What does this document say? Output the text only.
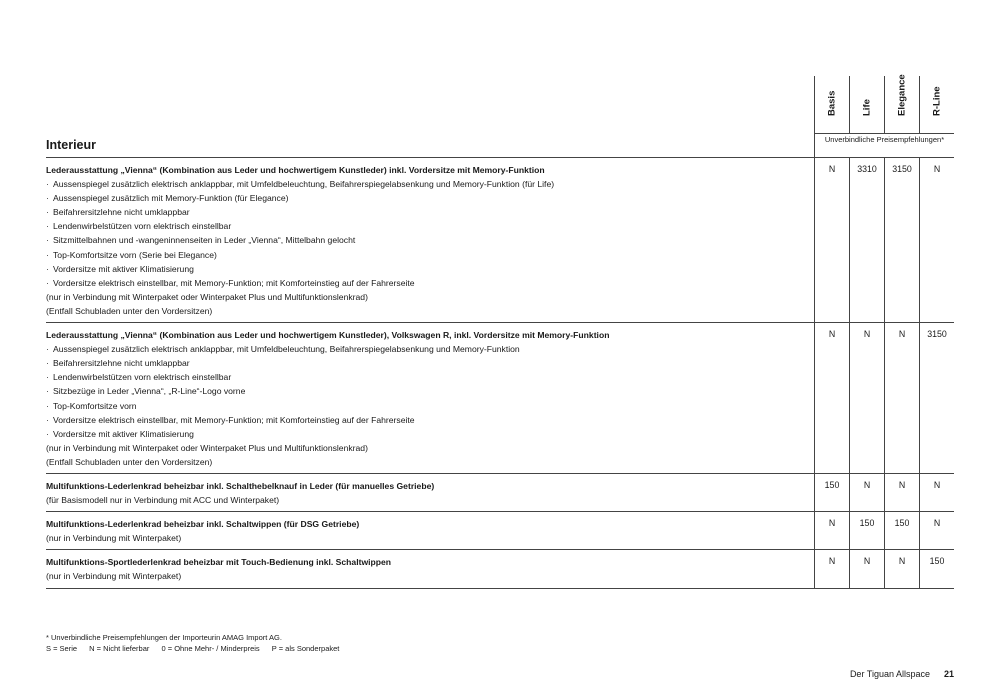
Interieur
Basis	Life	Elegance	R-Line
Unverbindliche Preisempfehlungen*
Lederausstattung „Vienna“ (Kombination aus Leder und hochwertigem Kunstleder) inkl. Vordersitze mit Memory-Funktion
· Aussenspiegel zusätzlich elektrisch anklappbar, mit Umfeldbeleuchtung, Beifahrerspiegelabsenkung und Memory-Funktion (für Life)
· Aussenspiegel zusätzlich mit Memory-Funktion (für Elegance)
· Beifahrersitzlehne nicht umklappbar
· Lendenwirbelstützen vorn elektrisch einstellbar
· Sitzmittelbahnen und -wangeninnenseiten in Leder „Vienna“, Mittelbahn gelocht
· Top-Komfortsitze vorn (Serie bei Elegance)
· Vordersitze mit aktiver Klimatisierung
· Vordersitze elektrisch einstellbar, mit Memory-Funktion; mit Komforteinstieg auf der Fahrerseite
(nur in Verbindung mit Winterpaket oder Winterpaket Plus und Multifunktionslenkrad)
(Entfall Schubladen unter den Vordersitzen)
N	3310	3150	N
Lederausstattung „Vienna“ (Kombination aus Leder und hochwertigem Kunstleder), Volkswagen R, inkl. Vordersitze mit Memory-Funktion
· Aussenspiegel zusätzlich elektrisch anklappbar, mit Umfeldbeleuchtung, Beifahrerspiegelabsenkung und Memory-Funktion
· Beifahrersitzlehne nicht umklappbar
· Lendenwirbelstützen vorn elektrisch einstellbar
· Sitzbezüge in Leder „Vienna“, „R-Line“-Logo vorne
· Top-Komfortsitze vorn
· Vordersitze elektrisch einstellbar, mit Memory-Funktion; mit Komforteinstieg auf der Fahrerseite
· Vordersitze mit aktiver Klimatisierung
(nur in Verbindung mit Winterpaket oder Winterpaket Plus und Multifunktionslenkrad)
(Entfall Schubladen unter den Vordersitzen)
N	N	N	3150
Multifunktions-Lederlenkrad beheizbar inkl. Schalthebelknauf in Leder (für manuelles Getriebe)
(für Basismodell nur in Verbindung mit ACC und Winterpaket)
150	N	N	N
Multifunktions-Lederlenkrad beheizbar inkl. Schaltwippen (für DSG Getriebe)
(nur in Verbindung mit Winterpaket)
N	150	150	N
Multifunktions-Sportlederlenkrad beheizbar mit Touch-Bedienung inkl. Schaltwippen
(nur in Verbindung mit Winterpaket)
N	N	N	150
* Unverbindliche Preisempfehlungen der Importeurin AMAG Import AG.
S = Serie N = Nicht lieferbar 0 = Ohne Mehr- / Minderpreis P = als Sonderpaket
Der Tiguan Allspace 21
